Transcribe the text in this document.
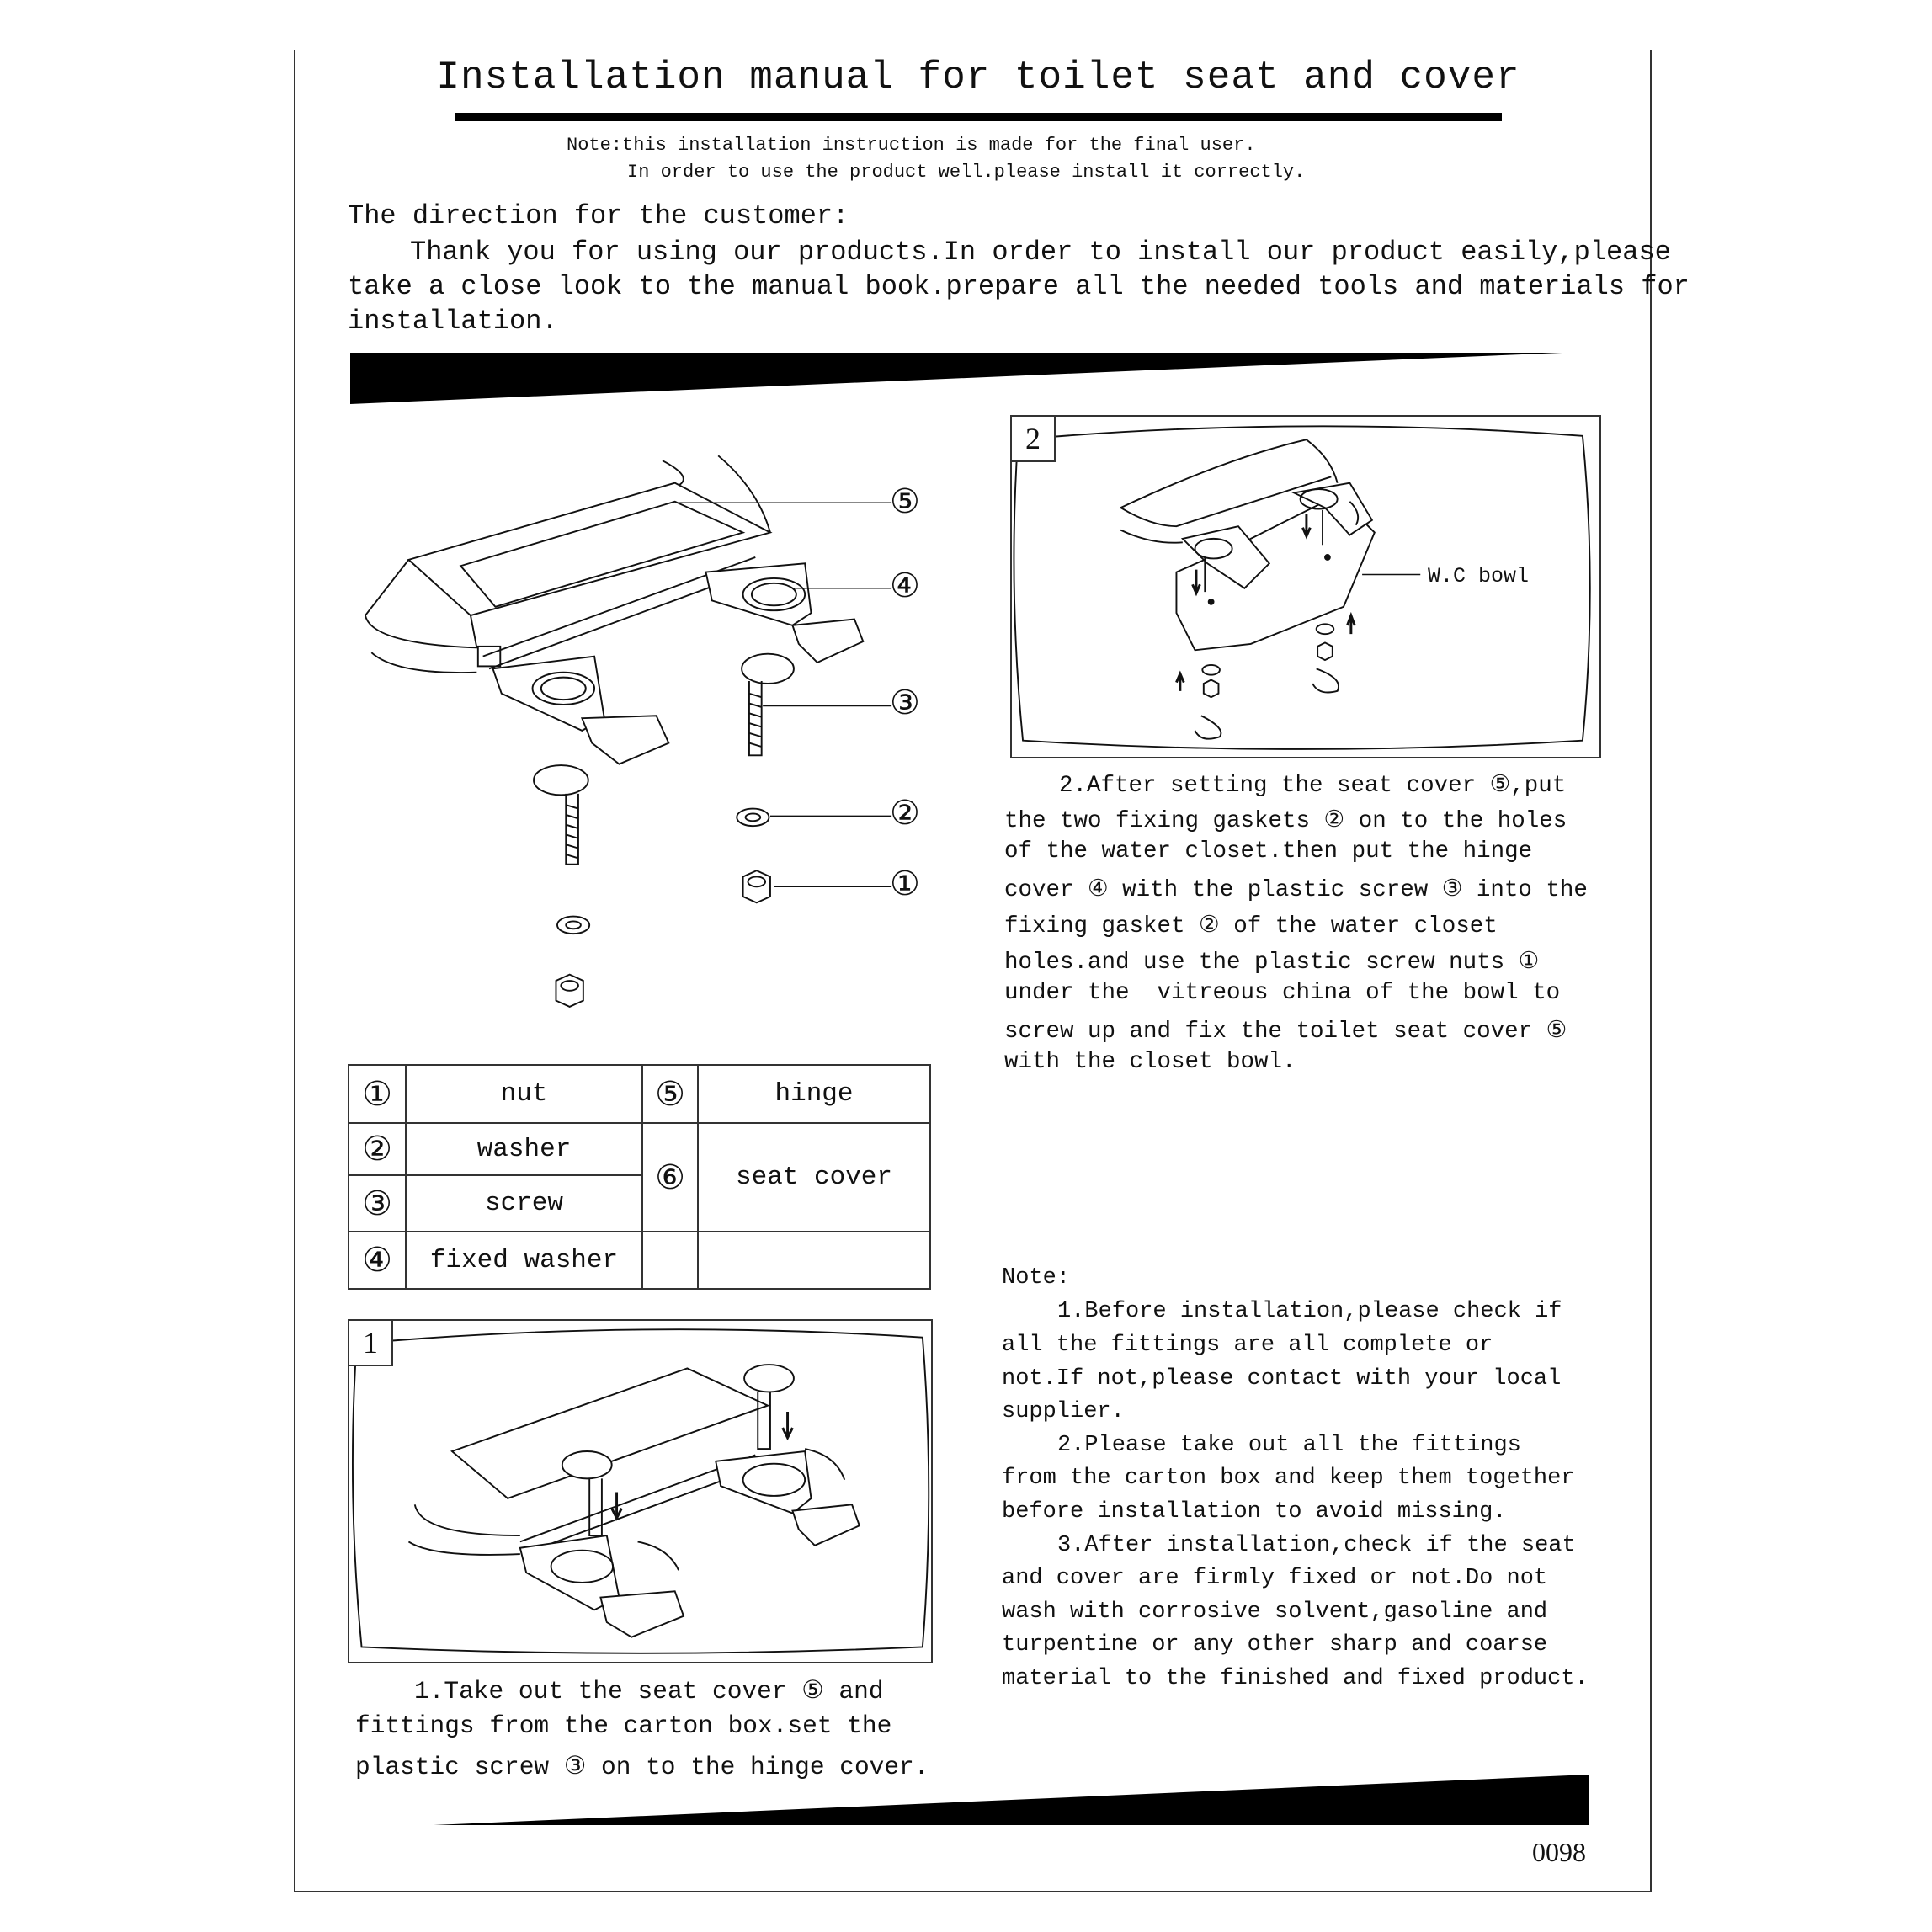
Installation manual for toilet seat and cover
Note:this installation instruction is made for the final user.
In order to use the product well.please install it correctly.
The direction for the customer:
Thank you for using our products.In order to install our product easily,please
take a close look to the manual book.prepare all the needed tools and materials for
installation.
⑤
④
③
②
①
①	nut	⑤	hinge
②	washer	⑥	seat cover
③	screw		
④	fixed washer		
1
1.Take out the seat cover ⑤ and
fittings from the carton box.set the
plastic screw ③ on to the hinge cover.
2
W.C bowl
2.After setting the seat cover ⑤,put
the two fixing gaskets ② on to the holes
of the water closet.then put the hinge
cover ④ with the plastic screw ③ into the
fixing gasket ② of the water closet
holes.and use the plastic screw nuts ①
under the  vitreous china of the bowl to
screw up and fix the toilet seat cover ⑤
with the closet bowl.
Note:
1.Before installation,please check if
all the fittings are all complete or
not.If not,please contact with your local
supplier.
2.Please take out all the fittings
from the carton box and keep them together
before installation to avoid missing.
3.After installation,check if the seat
and cover are firmly fixed or not.Do not
wash with corrosive solvent,gasoline and
turpentine or any other sharp and coarse
material to the finished and fixed product.
0098
